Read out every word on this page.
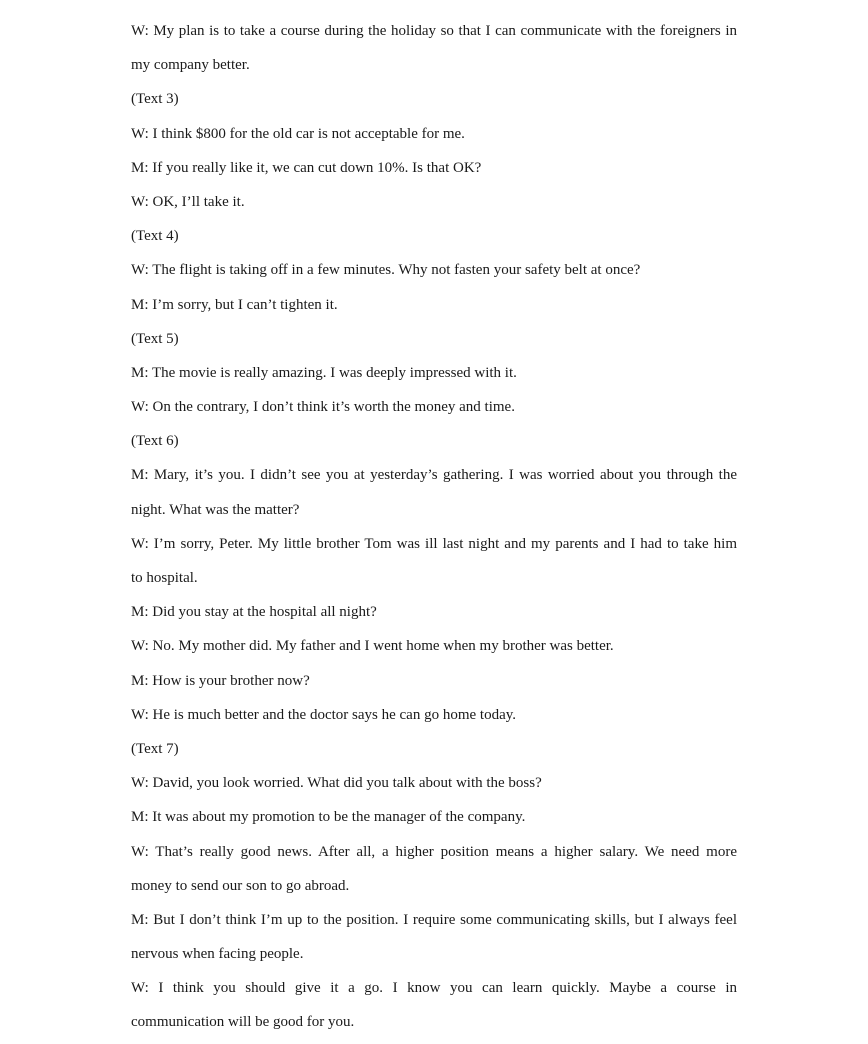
W: My plan is to take a course during the holiday so that I can communicate with the foreigners in
my company better.
(Text 3)
W: I think $800 for the old car is not acceptable for me.
M: If you really like it, we can cut down 10%. Is that OK?
W: OK, I’ll take it.
(Text 4)
W: The flight is taking off in a few minutes. Why not fasten your safety belt at once?
M: I’m sorry, but I can’t tighten it.
(Text 5)
M: The movie is really amazing. I was deeply impressed with it.
W: On the contrary, I don’t think it’s worth the money and time.
(Text 6)
M: Mary, it’s you. I didn’t see you at yesterday’s gathering. I was worried about you through the
night. What was the matter?
W: I’m sorry, Peter. My little brother Tom was ill last night and my parents and I had to take him
to hospital.
M: Did you stay at the hospital all night?
W: No. My mother did. My father and I went home when my brother was better.
M: How is your brother now?
W: He is much better and the doctor says he can go home today.
(Text 7)
W: David, you look worried. What did you talk about with the boss?
M: It was about my promotion to be the manager of the company.
W: That’s really good news. After all, a higher position means a higher salary. We need more
money to send our son to go abroad.
M: But I don’t think I’m up to the position. I require some communicating skills, but I always feel
nervous when facing people.
W: I think you should give it a go. I know you can learn quickly. Maybe a course in
communication will be good for you.
